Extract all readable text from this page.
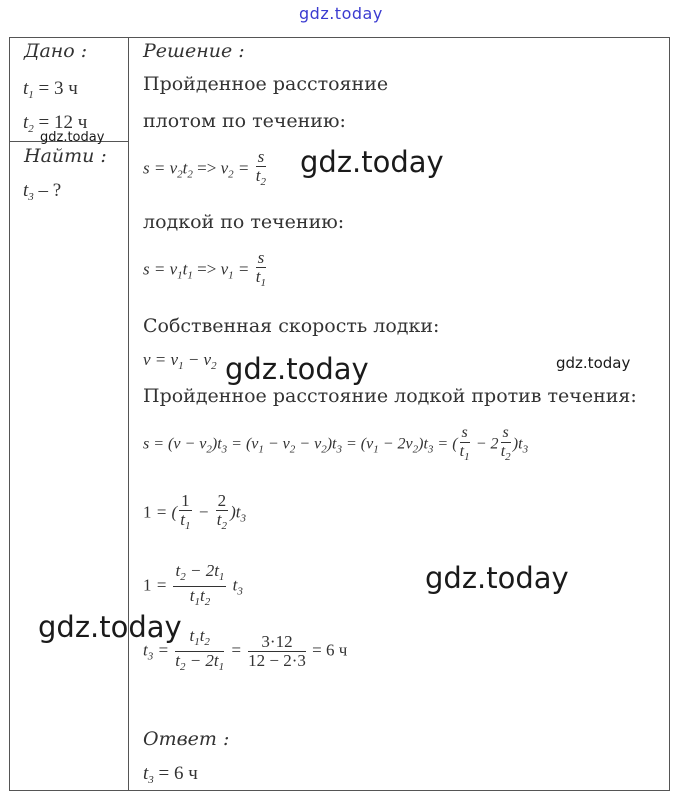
gdz.today
Дано :
$t_1 = 3$ ч
$t_2 = 12$ ч
Найти :
$t_3$ – ?
gdz.today
Решение :
Пройденное расстояние
плотом по течению:
$s = v_2t_2 => v_2 = \frac{s}{t_2}$
лодкой по течению:
$s = v_1t_1 => v_1 = \frac{s}{t_1}$
Собственная скорость лодки:
$v = v_1 - v_2$
Пройденное расстояние лодкой против течения:
$s = (v - v_2)t_3 = (v_1 - v_2 - v_2)t_3 = (v_1 - 2v_2)t_3$ = ( $\frac{s}{t_1} - 2 \frac{s}{t_2} )t_3$
1 = ( $\frac{1}{t_1} - \frac{2}{t_2} )t_3$
$1 = \frac{t_2 - 2t_1}{t_1t_2} t_3$
$t_3 = \frac{t_1t_2}{t_2 - 2t_1} = \frac{3\cdot 12}{12 - 2\cdot 3} = 6$ ч
Ответ :
$t_3 = 6$ ч
gdz.today
gdz.today	gdz.today
gdz.today
gdz.today
